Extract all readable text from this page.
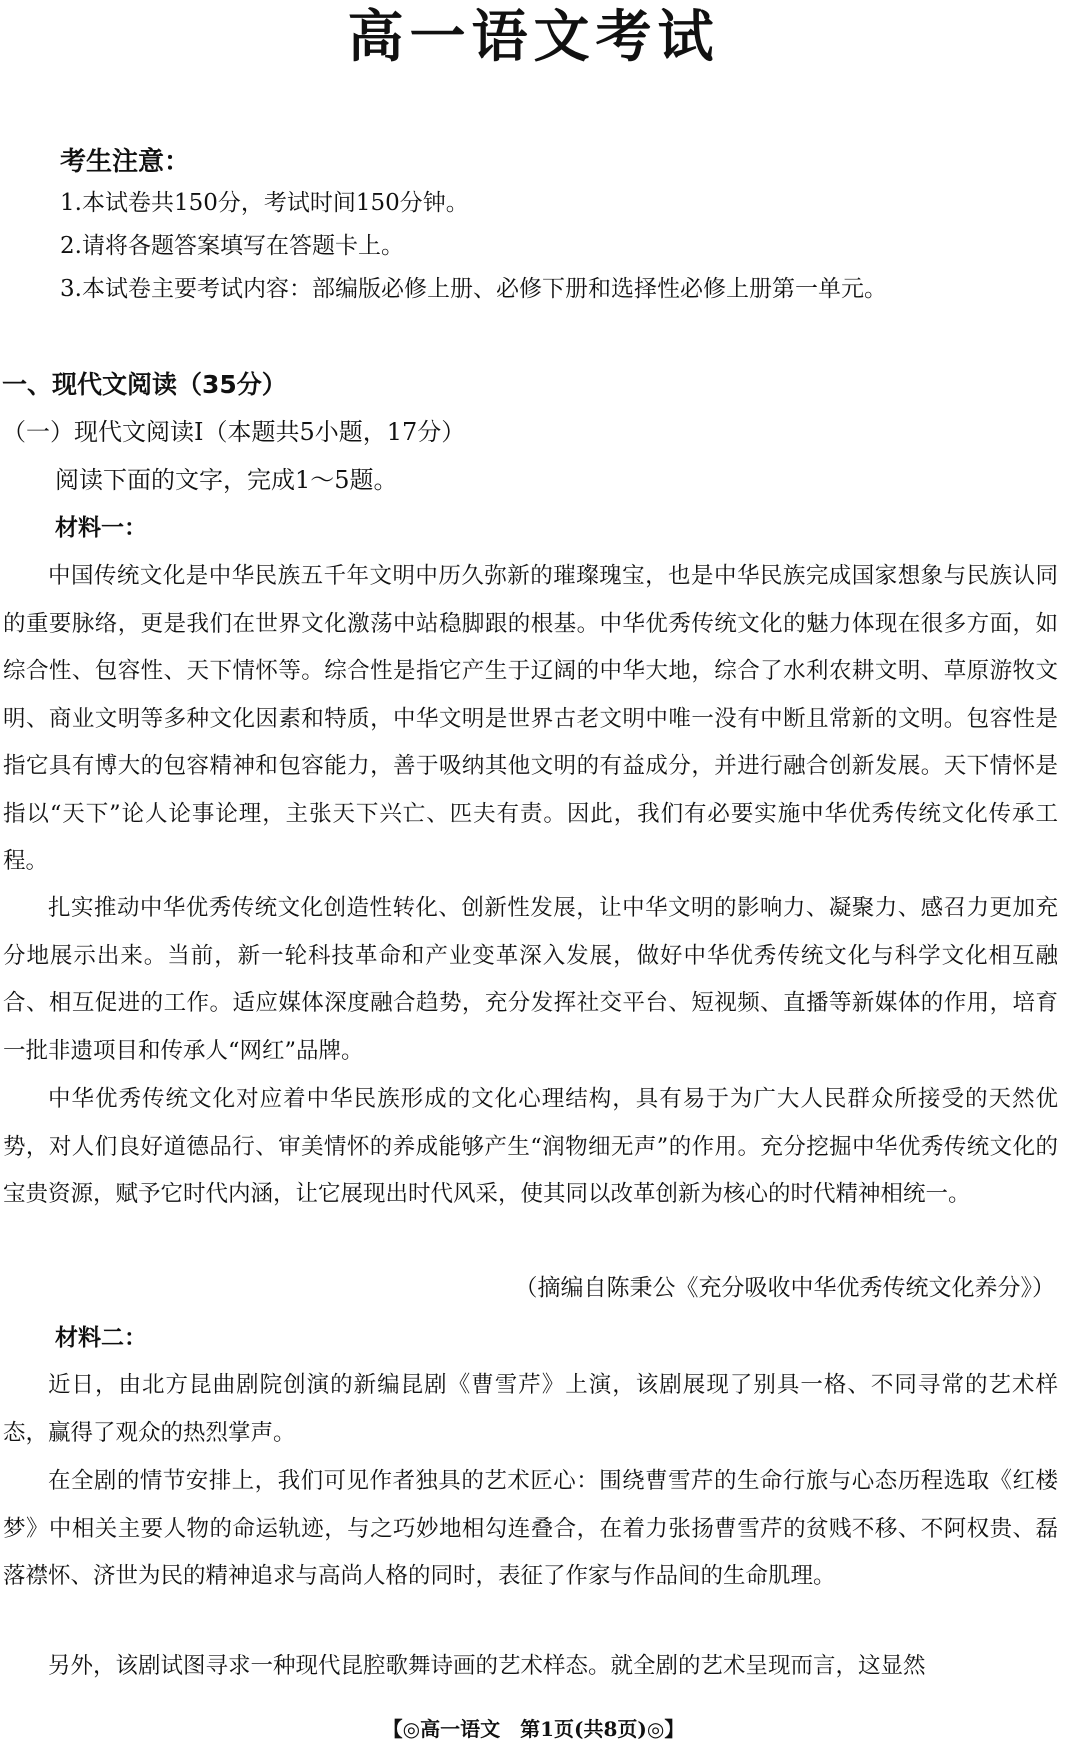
高一语文考试
考生注意：
1.本试卷共150分，考试时间150分钟。
2.请将各题答案填写在答题卡上。
3.本试卷主要考试内容：部编版必修上册、必修下册和选择性必修上册第一单元。
一、现代文阅读（35分）
（一）现代文阅读Ⅰ（本题共5小题，17分）
阅读下面的文字，完成1～5题。
材料一：

中国传统文化是中华民族五千年文明中历久弥新的璀璨瑰宝，也是中华民族完成国家想象与民族认同的重要脉络，更是我们在世界文化激荡中站稳脚跟的根基。中华优秀传统文化的魅力体现在很多方面，如综合性、包容性、天下情怀等。综合性是指它产生于辽阔的中华大地，综合了水利农耕文明、草原游牧文明、商业文明等多种文化因素和特质，中华文明是世界古老文明中唯一没有中断且常新的文明。包容性是指它具有博大的包容精神和包容能力，善于吸纳其他文明的有益成分，并进行融合创新发展。天下情怀是指以“天下”论人论事论理，主张天下兴亡、匹夫有责。因此，我们有必要实施中华优秀传统文化传承工程。

扎实推动中华优秀传统文化创造性转化、创新性发展，让中华文明的影响力、凝聚力、感召力更加充分地展示出来。当前，新一轮科技革命和产业变革深入发展，做好中华优秀传统文化与科学文化相互融合、相互促进的工作。适应媒体深度融合趋势，充分发挥社交平台、短视频、直播等新媒体的作用，培育一批非遗项目和传承人“网红”品牌。

中华优秀传统文化对应着中华民族形成的文化心理结构，具有易于为广大人民群众所接受的天然优势，对人们良好道德品行、审美情怀的养成能够产生“润物细无声”的作用。充分挖掘中华优秀传统文化的宝贵资源，赋予它时代内涵，让它展现出时代风采，使其同以改革创新为核心的时代精神相统一。

（摘编自陈秉公《充分吸收中华优秀传统文化养分》）
材料二：

近日，由北方昆曲剧院创演的新编昆剧《曹雪芹》上演，该剧展现了别具一格、不同寻常的艺术样态，赢得了观众的热烈掌声。

在全剧的情节安排上，我们可见作者独具的艺术匠心：围绕曹雪芹的生命行旅与心态历程选取《红楼梦》中相关主要人物的命运轨迹，与之巧妙地相勾连叠合，在着力张扬曹雪芹的贫贱不移、不阿权贵、磊落襟怀、济世为民的精神追求与高尚人格的同时，表征了作家与作品间的生命肌理。

另外，该剧试图寻求一种现代昆腔歌舞诗画的艺术样态。就全剧的艺术呈现而言，这显然

【◎高一语文　第1页(共8页)◎】
